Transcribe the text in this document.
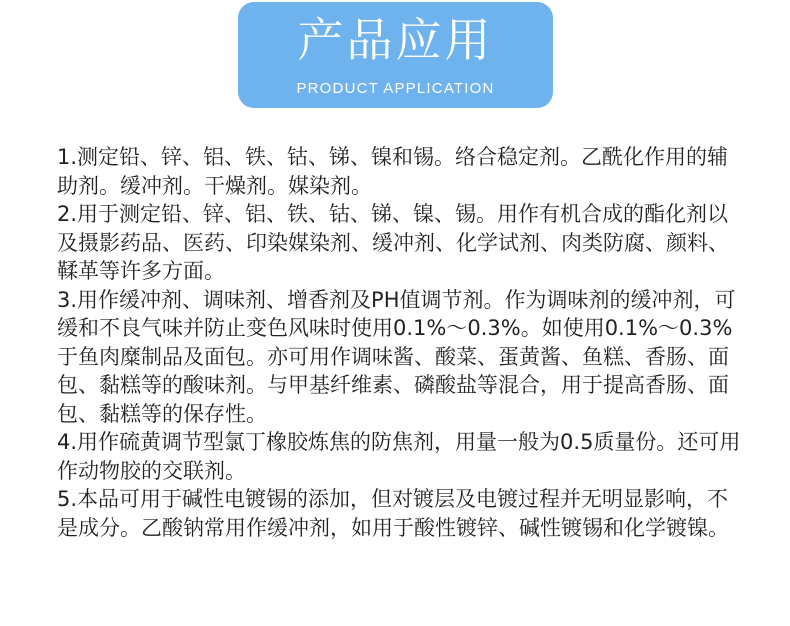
产品应用
PRODUCT APPLICATION

1.测定铅、锌、铝、铁、钴、锑、镍和锡。络合稳定剂。乙酰化作用的辅助剂。缓冲剂。干燥剂。媒染剂。

2.用于测定铅、锌、铝、铁、钴、锑、镍、锡。用作有机合成的酯化剂以及摄影药品、医药、印染媒染剂、缓冲剂、化学试剂、肉类防腐、颜料、鞣革等许多方面。

3.用作缓冲剂、调味剂、增香剂及PH值调节剂。作为调味剂的缓冲剂，可缓和不良气味并防止变色风味时使用0.1%～0.3%。如使用0.1%～0.3%于鱼肉糜制品及面包。亦可用作调味酱、酸菜、蛋黄酱、鱼糕、香肠、面包、黏糕等的酸味剂。与甲基纤维素、磷酸盐等混合，用于提高香肠、面包、黏糕等的保存性。

4.用作硫黄调节型氯丁橡胶炼焦的防焦剂，用量一般为0.5质量份。还可用作动物胶的交联剂。

5.本品可用于碱性电镀锡的添加，但对镀层及电镀过程并无明显影响，不是成分。乙酸钠常用作缓冲剂，如用于酸性镀锌、碱性镀锡和化学镀镍。
